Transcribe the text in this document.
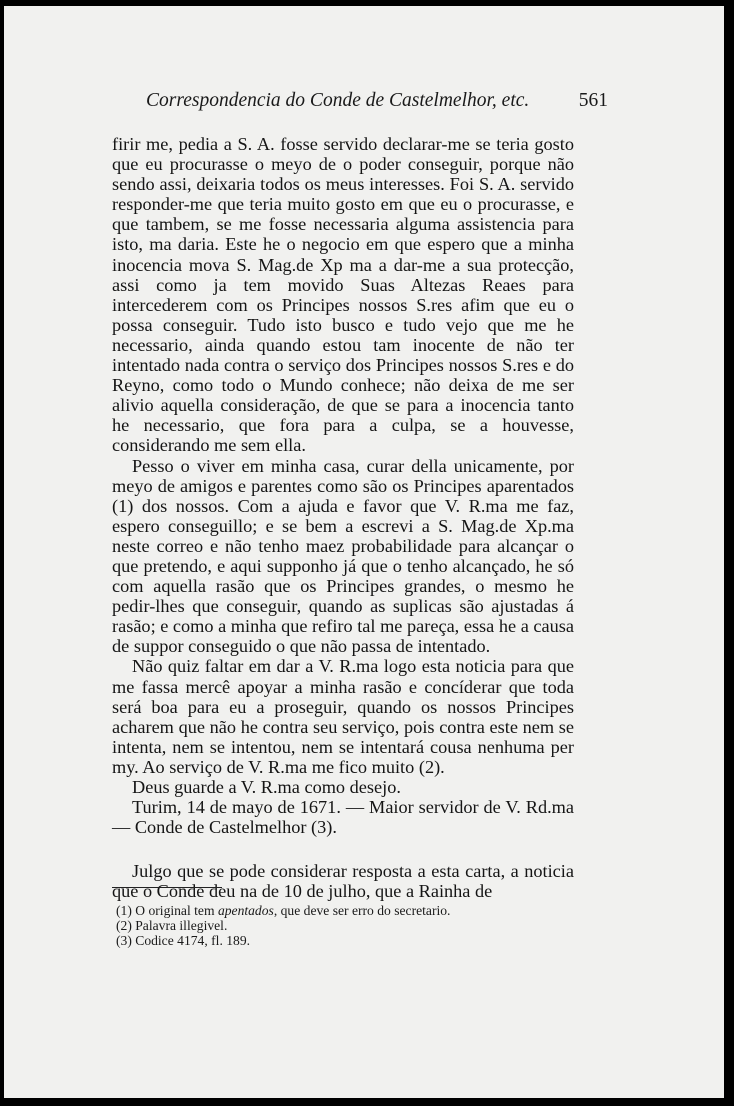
Correspondencia do Conde de Castelmelhor, etc.	561

firir me, pedia a S. A. fosse servido declarar-me se teria gosto que eu procurasse o meyo de o poder conseguir, porque não sendo assi, deixaria todos os meus interesses. Foi S. A. servido responder-me que teria muito gosto em que eu o procurasse, e que tambem, se me fosse necessaria alguma assistencia para isto, ma daria. Este he o negocio em que espero que a minha inocencia mova S. Mag.de Xp ma a dar-me a sua protecção, assi como ja tem movido Suas Altezas Reaes para intercederem com os Principes nossos S.res afim que eu o possa conseguir. Tudo isto busco e tudo vejo que me he necessario, ainda quando estou tam inocente de não ter intentado nada contra o serviço dos Principes nossos S.res e do Reyno, como todo o Mundo conhece; não deixa de me ser alivio aquella consideração, de que se para a inocencia tanto he necessario, que fora para a culpa, se a houvesse, considerando me sem ella.

Pesso o viver em minha casa, curar della unicamente, por meyo de amigos e parentes como são os Principes aparentados (1) dos nossos. Com a ajuda e favor que V. R.ma me faz, espero conseguillo; e se bem a escrevi a S. Mag.de Xp.ma neste correo e não tenho maez probabilidade para alcançar o que pretendo, e aqui supponho já que o tenho alcançado, he só com aquella rasão que os Principes grandes, o mesmo he pedir-lhes que conseguir, quando as suplicas são ajustadas á rasão; e como a minha que refiro tal me pareça, essa he a causa de suppor conseguido o que não passa de intentado.

Não quiz faltar em dar a V. R.ma logo esta noticia para que me fassa mercê apoyar a minha rasão e concíderar que toda será boa para eu a proseguir, quando os nossos Principes acharem que não he contra seu serviço, pois contra este nem se intenta, nem se intentou, nem se intentará cousa nenhuma per my. Ao serviço de V. R.ma me fico muito (2).

Deus guarde a V. R.ma como desejo.

Turim, 14 de mayo de 1671. — Maior servidor de V. Rd.ma — Conde de Castelmelhor (3).

Julgo que se pode considerar resposta a esta carta, a noticia que o Conde deu na de 10 de julho, que a Rainha de

(1) O original tem apentados, que deve ser erro do secretario.

(2) Palavra illegivel.

(3) Codice 4174, fl. 189.
